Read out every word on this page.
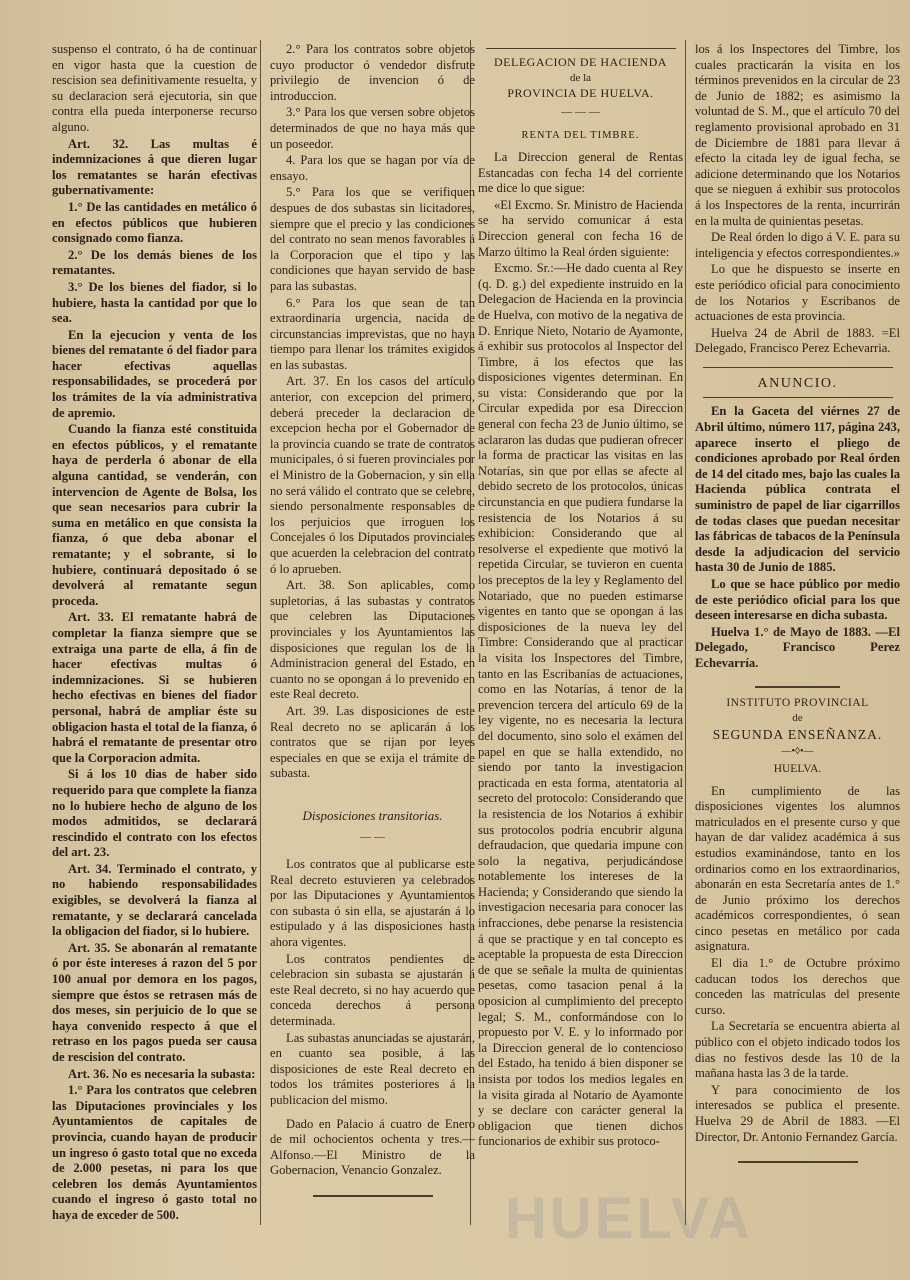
suspenso el contrato, ó ha de continuar en vigor hasta que la cuestion de rescision sea definitivamente resuelta, y su declaracion será ejecutoria, sin que contra ella pueda interponerse recurso alguno.

Art. 32. Las multas é indemnizaciones á que dieren lugar los rematantes se harán efectivas gubernativamente:

1.° De las cantidades en metálico ó en efectos públicos que hubieren consignado como fianza.

2.° De los demás bienes de los rematantes.

3.° De los bienes del fiador, si lo hubiere, hasta la cantidad por que lo sea.

En la ejecucion y venta de los bienes del rematante ó del fiador para hacer efectivas aquellas responsabilidades, se procederá por los trámites de la vía administrativa de apremio.

Cuando la fianza esté constituida en efectos públicos, y el rematante haya de perderla ó abonar de ella alguna cantidad, se venderán, con intervencion de Agente de Bolsa, los que sean necesarios para cubrir la suma en metálico en que consista la fianza, ó que deba abonar el rematante; y el sobrante, si lo hubiere, continuará depositado ó se devolverá al rematante segun proceda.

Art. 33. El rematante habrá de completar la fianza siempre que se extraiga una parte de ella, á fin de hacer efectivas multas ó indemnizaciones. Si se hubieren hecho efectivas en bienes del fiador personal, habrá de ampliar éste su obligacion hasta el total de la fianza, ó habrá el rematante de presentar otro que la Corporacion admita.

Si á los 10 dias de haber sido requerido para que complete la fianza no lo hubiere hecho de alguno de los modos admitidos, se declarará rescindido el contrato con los efectos del art. 23.

Art. 34. Terminado el contrato, y no habiendo responsabilidades exigibles, se devolverá la fianza al rematante, y se declarará cancelada la obligacion del fiador, si lo hubiere.

Art. 35. Se abonarán al rematante ó por éste intereses á razon del 5 por 100 anual por demora en los pagos, siempre que éstos se retrasen más de dos meses, sin perjuicio de lo que se haya convenido respecto á que el retraso en los pagos pueda ser causa de rescision del contrato.

Art. 36. No es necesaria la subasta:

1.° Para los contratos que celebren las Diputaciones provinciales y los Ayuntamientos de capitales de provincia, cuando hayan de producir un ingreso ó gasto total que no exceda de 2.000 pesetas, ni para los que celebren los demás Ayuntamientos cuando el ingreso ó gasto total no haya de exceder de 500.

2.° Para los contratos sobre objetos cuyo productor ó vendedor disfrute privilegio de invencion ó de introduccion.

3.° Para los que versen sobre objetos determinados de que no haya más que un poseedor.

4. Para los que se hagan por vía de ensayo.

5.° Para los que se verifiquen despues de dos subastas sin licitadores, siempre que el precio y las condiciones del contrato no sean menos favorables á la Corporacion que el tipo y las condiciones que hayan servido de base para las subastas.

6.° Para los que sean de tan extraordinaria urgencia, nacida de circunstancias imprevistas, que no haya tiempo para llenar los trámites exigidos en las subastas.

Art. 37. En los casos del artículo anterior, con excepcion del primero, deberá preceder la declaracion de excepcion hecha por el Gobernador de la provincia cuando se trate de contratos municipales, ó si fueren provinciales por el Ministro de la Gobernacion, y sin ella no será válido el contrato que se celebre, siendo personalmente responsables de los perjuicios que irroguen los Concejales ó los Diputados provinciales que acuerden la celebracion del contrato ó lo aprueben.

Art. 38. Son aplicables, como supletorias, á las subastas y contratos que celebren las Diputaciones provinciales y los Ayuntamientos las disposiciones que regulan los de la Administracion general del Estado, en cuanto no se opongan á lo prevenido en este Real decreto.

Art. 39. Las disposiciones de este Real decreto no se aplicarán á los contratos que se rijan por leyes especiales en que se exija el trámite de subasta.

Disposiciones transitorias.

— —

Los contratos que al publicarse este Real decreto estuvieren ya celebrados por las Diputaciones y Ayuntamientos con subasta ó sin ella, se ajustarán á lo estipulado y á las disposiciones hasta ahora vigentes.

Los contratos pendientes de celebracion sin subasta se ajustarán á este Real decreto, si no hay acuerdo que conceda derechos á persona determinada.

Las subastas anunciadas se ajustarán, en cuanto sea posible, á las disposiciones de este Real decreto en todos los trámites posteriores á la publicacion del mismo.

Dado en Palacio á cuatro de Enero de mil ochocientos ochenta y tres.—Alfonso.—El Ministro de la Gobernacion, Venancio Gonzalez.

DELEGACION DE HACIENDA

de la

PROVINCIA DE HUELVA.

— — —

RENTA DEL TIMBRE.

La Direccion general de Rentas Estancadas con fecha 14 del corriente me dice lo que sigue:

«El Excmo. Sr. Ministro de Hacienda se ha servido comunicar á esta Direccion general con fecha 16 de Marzo último la Real órden siguiente:

Excmo. Sr.:—He dado cuenta al Rey (q. D. g.) del expediente instruido en la Delegacion de Hacienda en la provincia de Huelva, con motivo de la negativa de D. Enrique Nieto, Notario de Ayamonte, á exhibir sus protocolos al Inspector del Timbre, á los efectos que las disposiciones vigentes determinan. En su vista: Considerando que por la Circular expedida por esa Direccion general con fecha 23 de Junio último, se aclararon las dudas que pudieran ofrecer la forma de practicar las visitas en las Notarías, sin que por ellas se afecte al debido secreto de los protocolos, únicas circunstancia en que pudiera fundarse la resistencia de los Notarios á su exhibicion: Considerando que al resolverse el expediente que motivó la repetida Circular, se tuvieron en cuenta los preceptos de la ley y Reglamento del Notariado, que no pueden estimarse vigentes en tanto que se opongan á las disposiciones de la nueva ley del Timbre: Considerando que al practicar la visita los Inspectores del Timbre, tanto en las Escribanías de actuaciones, como en las Notarías, á tenor de la prevencion tercera del artículo 69 de la ley vigente, no es necesaria la lectura del documento, sino solo el exámen del papel en que se halla extendido, no siendo por tanto la investigacion practicada en esta forma, atentatoria al secreto del protocolo: Considerando que la resistencia de los Notarios á exhibir sus protocolos podria encubrir alguna defraudacion, que quedaria impune con solo la negativa, perjudicándose notablemente los intereses de la Hacienda; y Considerando que siendo la investigacion necesaria para conocer las infracciones, debe penarse la resistencia á que se practique y en tal concepto es aceptable la propuesta de esta Direccion de que se señale la multa de quinientas pesetas, como tasacion penal á la oposicion al cumplimiento del precepto legal; S. M., conformándose con lo propuesto por V. E. y lo informado por la Direccion general de lo contencioso del Estado, ha tenido á bien disponer se insista por todos los medios legales en la visita girada al Notario de Ayamonte y se declare con carácter general la obligacion que tienen dichos funcionarios de exhibir sus protoco-

los á los Inspectores del Timbre, los cuales practicarán la visita en los términos prevenidos en la circular de 23 de Junio de 1882; es asimismo la voluntad de S. M., que el artículo 70 del reglamento provisional aprobado en 31 de Diciembre de 1881 para llevar á efecto la citada ley de igual fecha, se adicione determinando que los Notarios que se nieguen á exhibir sus protocolos á los Inspectores de la renta, incurrirán en la multa de quinientas pesetas.

De Real órden lo digo á V. E. para su inteligencia y efectos correspondientes.»

Lo que he dispuesto se inserte en este periódico oficial para conocimiento de los Notarios y Escribanos de actuaciones de esta provincia.

Huelva 24 de Abril de 1883. =El Delegado, Francisco Perez Echevarria.

ANUNCIO.

En la Gaceta del viérnes 27 de Abril último, número 117, página 243, aparece inserto el pliego de condiciones aprobado por Real órden de 14 del citado mes, bajo las cuales la Hacienda pública contrata el suministro de papel de liar cigarrillos de todas clases que puedan necesitar las fábricas de tabacos de la Península desde la adjudicacion del servicio hasta 30 de Junio de 1885.

Lo que se hace público por medio de este periódico oficial para los que deseen interesarse en dicha subasta.

Huelva 1.° de Mayo de 1883. —El Delegado, Francisco Perez Echevarría.

INSTITUTO PROVINCIAL

de

SEGUNDA ENSEÑANZA.

—•◊•—

HUELVA.

En cumplimiento de las disposiciones vigentes los alumnos matriculados en el presente curso y que hayan de dar validez académica á sus estudios examinándose, tanto en los ordinarios como en los extraordinarios, abonarán en esta Secretaría antes de 1.° de Junio próximo los derechos académicos correspondientes, ó sean cinco pesetas en metálico por cada asignatura.

El dia 1.° de Octubre próximo caducan todos los derechos que conceden las matrículas del presente curso.

La Secretaría se encuentra abierta al público con el objeto indicado todos los dias no festivos desde las 10 de la mañana hasta las 3 de la tarde.

Y para conocimiento de los interesados se publica el presente. Huelva 29 de Abril de 1883. —El Director, Dr. Antonio Fernandez García.

HUELVA
